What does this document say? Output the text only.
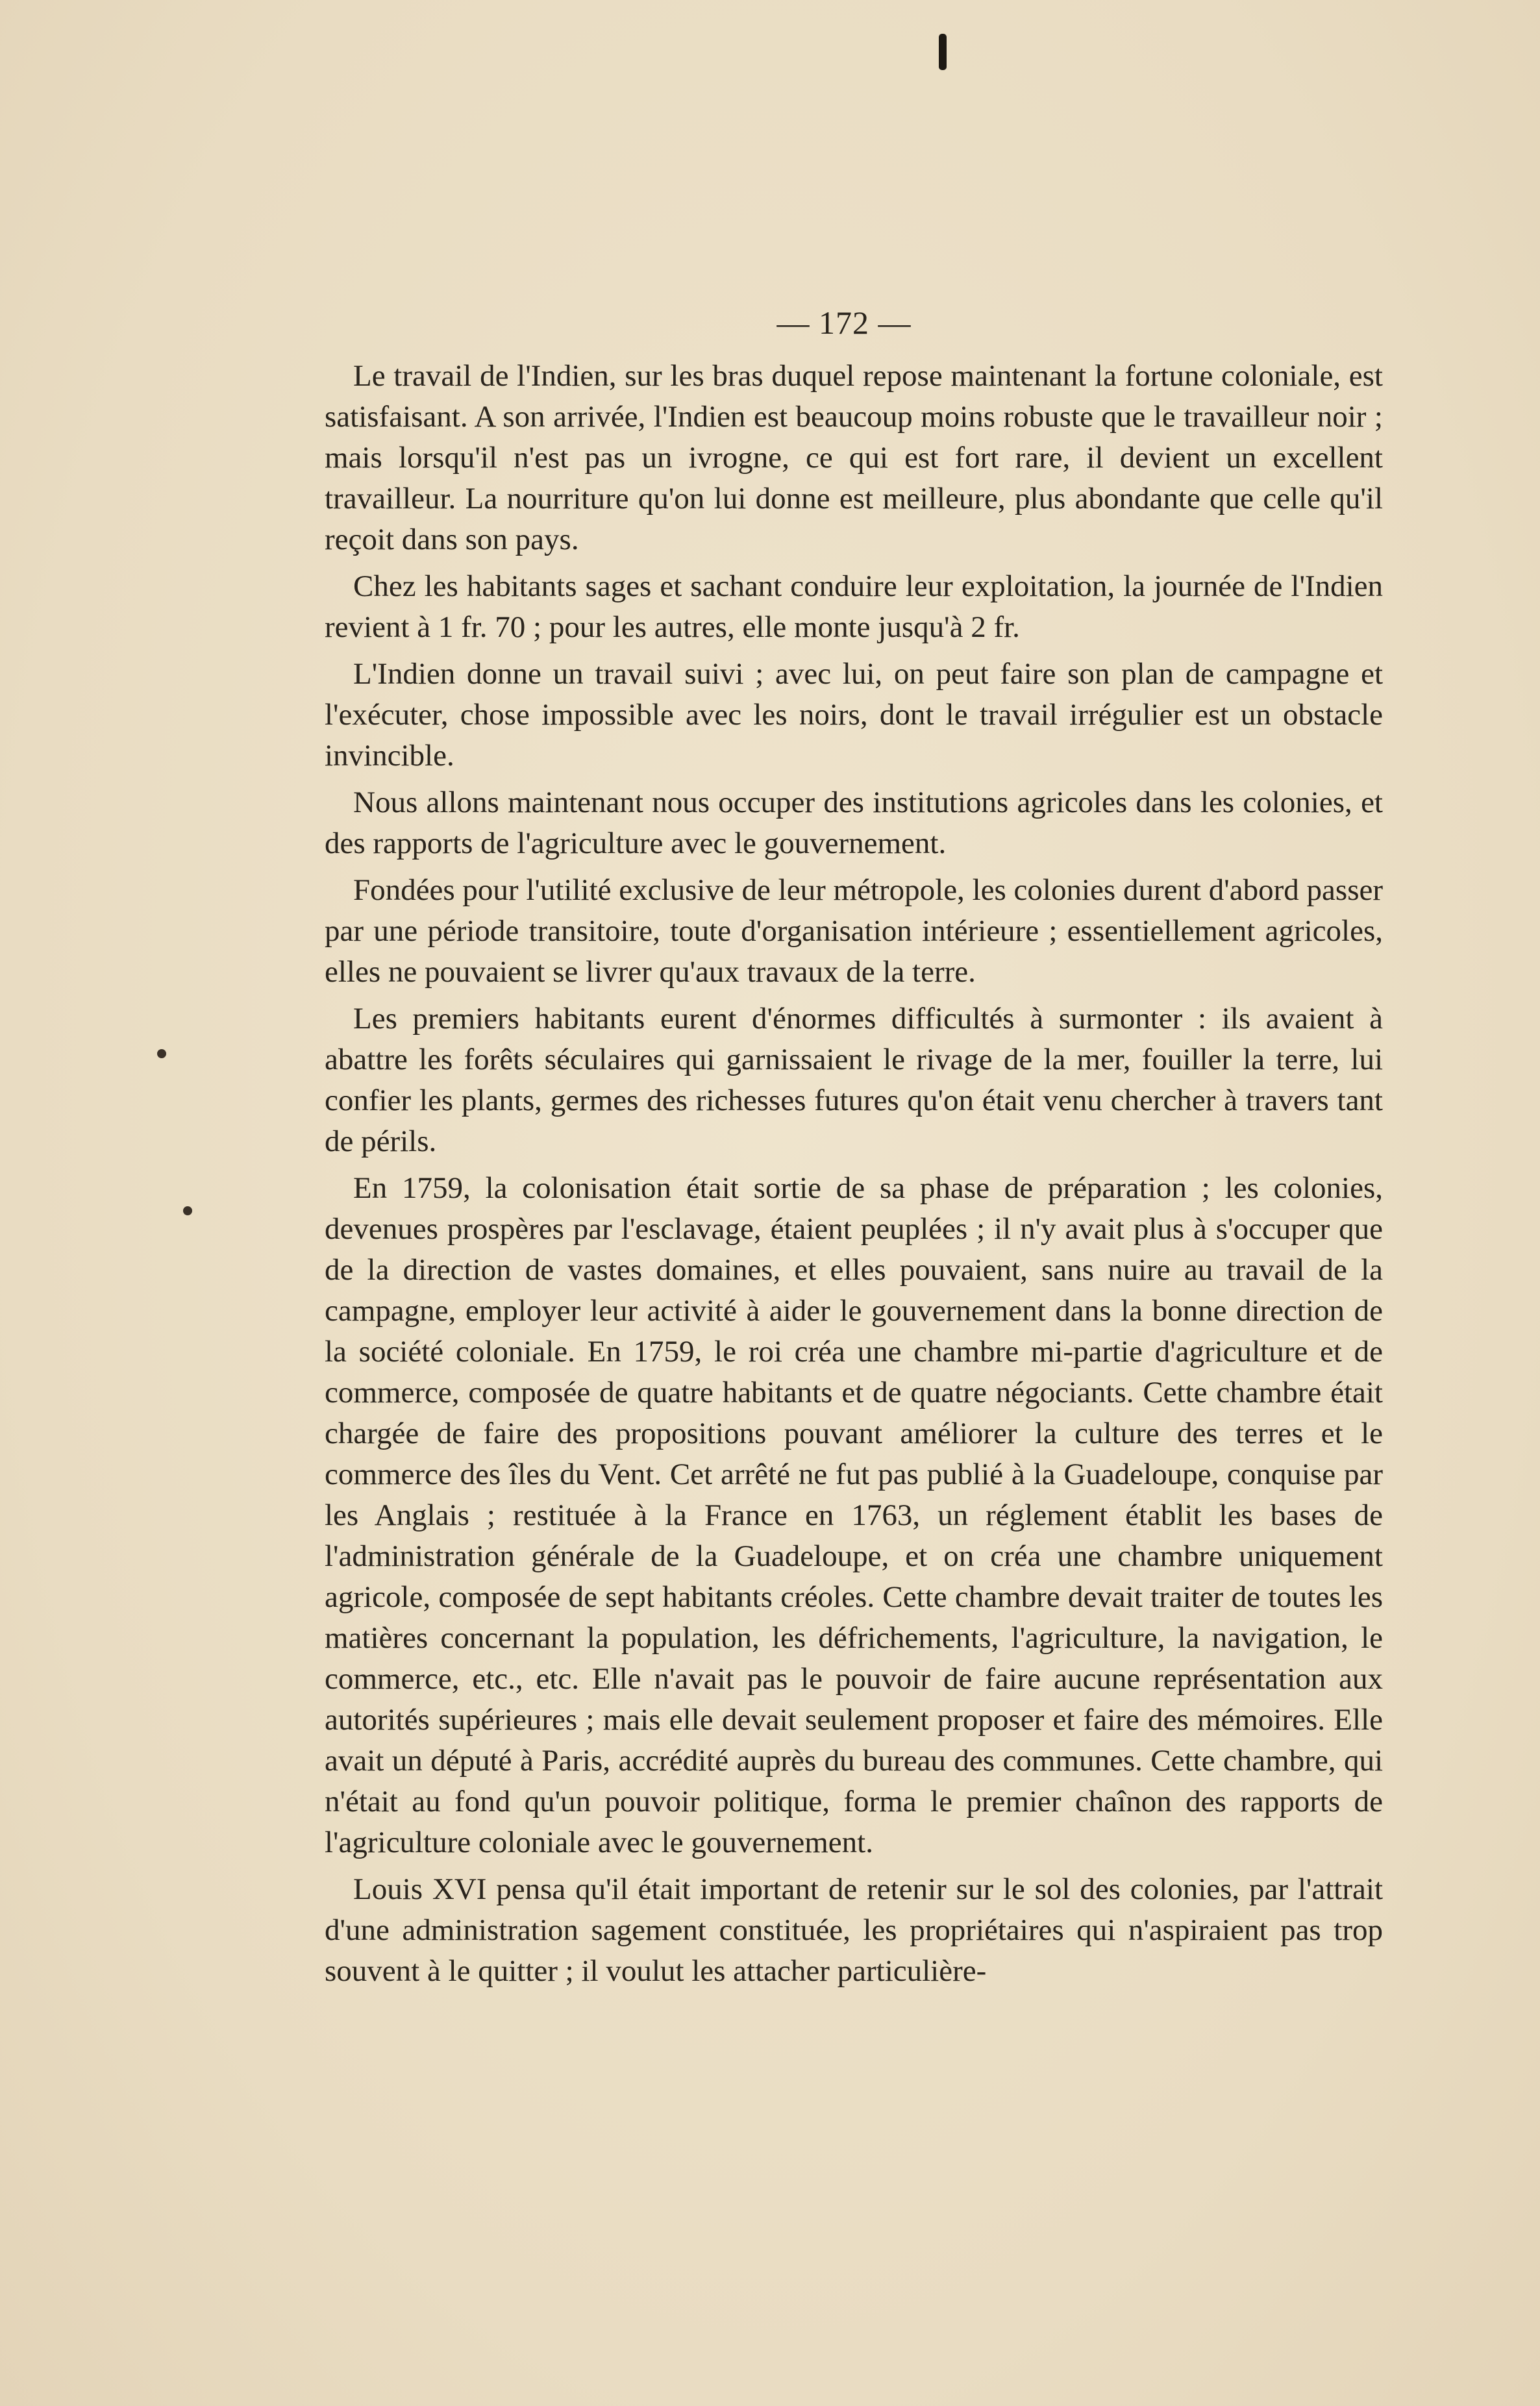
— 172 —

Le travail de l'Indien, sur les bras duquel repose maintenant la fortune coloniale, est satisfaisant. A son arrivée, l'Indien est beaucoup moins robuste que le travailleur noir ; mais lorsqu'il n'est pas un ivrogne, ce qui est fort rare, il devient un excellent travailleur. La nourriture qu'on lui donne est meilleure, plus abondante que celle qu'il reçoit dans son pays.

Chez les habitants sages et sachant conduire leur exploitation, la journée de l'Indien revient à 1 fr. 70 ; pour les autres, elle monte jusqu'à 2 fr.

L'Indien donne un travail suivi ; avec lui, on peut faire son plan de campagne et l'exécuter, chose impossible avec les noirs, dont le travail irrégulier est un obstacle invincible.

Nous allons maintenant nous occuper des institutions agricoles dans les colonies, et des rapports de l'agriculture avec le gouvernement.

Fondées pour l'utilité exclusive de leur métropole, les colonies durent d'abord passer par une période transitoire, toute d'organisation intérieure ; essentiellement agricoles, elles ne pouvaient se livrer qu'aux travaux de la terre.

Les premiers habitants eurent d'énormes difficultés à surmonter : ils avaient à abattre les forêts séculaires qui garnissaient le rivage de la mer, fouiller la terre, lui confier les plants, germes des richesses futures qu'on était venu chercher à travers tant de périls.

En 1759, la colonisation était sortie de sa phase de préparation ; les colonies, devenues prospères par l'esclavage, étaient peuplées ; il n'y avait plus à s'occuper que de la direction de vastes domaines, et elles pouvaient, sans nuire au travail de la campagne, employer leur activité à aider le gouvernement dans la bonne direction de la société coloniale. En 1759, le roi créa une chambre mi-partie d'agriculture et de commerce, composée de quatre habitants et de quatre négociants. Cette chambre était chargée de faire des propositions pouvant améliorer la culture des terres et le commerce des îles du Vent. Cet arrêté ne fut pas publié à la Guadeloupe, conquise par les Anglais ; restituée à la France en 1763, un réglement établit les bases de l'administration générale de la Guadeloupe, et on créa une chambre uniquement agricole, composée de sept habitants créoles. Cette chambre devait traiter de toutes les matières concernant la population, les défrichements, l'agriculture, la navigation, le commerce, etc., etc. Elle n'avait pas le pouvoir de faire aucune représentation aux autorités supérieures ; mais elle devait seulement proposer et faire des mémoires. Elle avait un député à Paris, accrédité auprès du bureau des communes. Cette chambre, qui n'était au fond qu'un pouvoir politique, forma le premier chaînon des rapports de l'agriculture coloniale avec le gouvernement.

Louis XVI pensa qu'il était important de retenir sur le sol des colonies, par l'attrait d'une administration sagement constituée, les propriétaires qui n'aspiraient pas trop souvent à le quitter ; il voulut les attacher particulière-
